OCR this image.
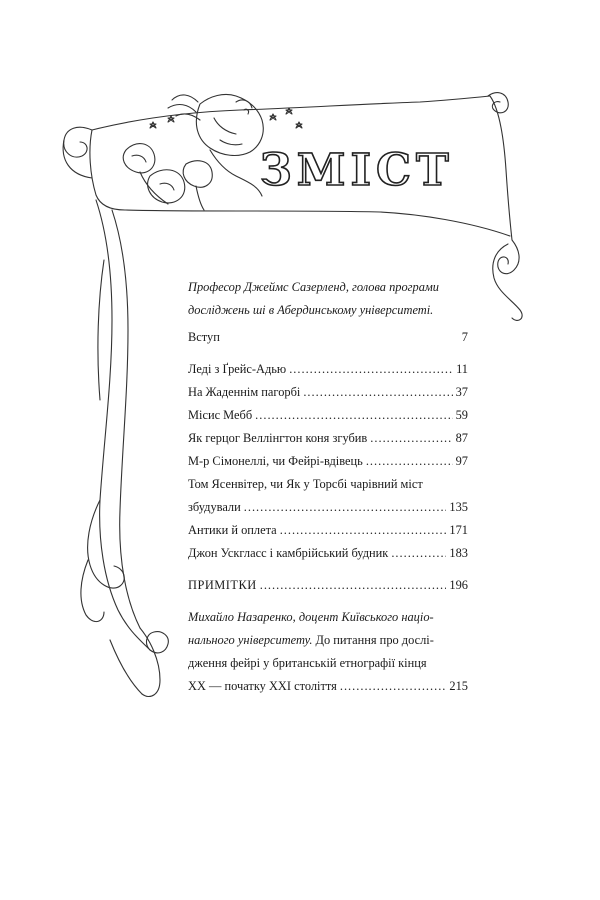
ЗМІСТ
Професор Джеймс Сазерленд, голова програми
досліджень ші в Абердинському університеті.
Вступ	7
Леді з Ґрейс-Адью .....	11
На Жаденнім пагорбі .....	37
Місис Мебб .....	59
Як герцог Веллінгтон коня згубив .....	87
М-р Сімонеллі, чи Фейрі-вдівець .....	97
Том Ясенвітер, чи Як у Торсбі чарівний міст
збудували .....	135
Антики й оплета .....	171
Джон Ускгласс і камбрійський будник .....	183
ПРИМІТКИ .....	196
Михайло Назаренко, доцент Київського націо-
нального університету. До питання про дослі-
дження фейрі у британській етнографії кінця
XX — початку XXI століття .....	215
